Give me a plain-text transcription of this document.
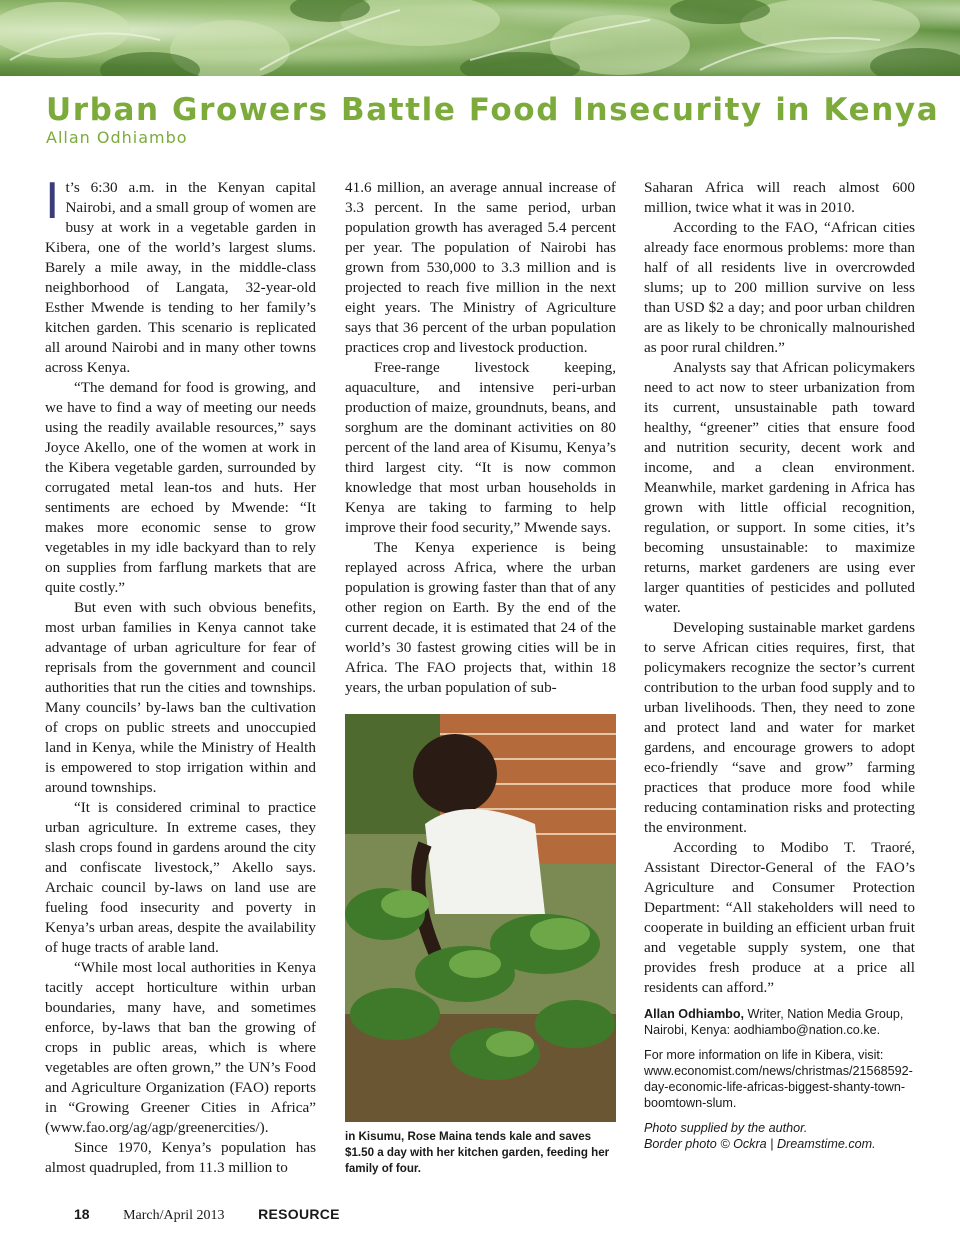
Urban Growers Battle Food Insecurity in Kenya
Allan Odhiambo

It’s 6:30 a.m. in the Kenyan capital Nairobi, and a small group of women are busy at work in a vegetable garden in Kibera, one of the world’s largest slums. Barely a mile away, in the middle-class neighborhood of Langata, 32-year-old Esther Mwende is tending to her family’s kitchen garden. This scenario is replicated all around Nairobi and in many other towns across Kenya.

“The demand for food is growing, and we have to find a way of meeting our needs using the readily available resources,” says Joyce Akello, one of the women at work in the Kibera vegetable garden, surrounded by corrugated metal lean-tos and huts. Her sentiments are echoed by Mwende: “It makes more economic sense to grow vegetables in my idle backyard than to rely on supplies from farflung markets that are quite costly.”

But even with such obvious benefits, most urban families in Kenya cannot take advantage of urban agriculture for fear of reprisals from the government and council authorities that run the cities and townships. Many councils’ by-laws ban the cultivation of crops on public streets and unoccupied land in Kenya, while the Ministry of Health is empowered to stop irrigation within and around townships.

“It is considered criminal to practice urban agriculture. In extreme cases, they slash crops found in gardens around the city and confiscate livestock,” Akello says. Archaic council by-laws on land use are fueling food insecurity and poverty in Kenya’s urban areas, despite the availability of huge tracts of arable land.

“While most local authorities in Kenya tacitly accept horticulture within urban boundaries, many have, and sometimes enforce, by-laws that ban the growing of crops in public areas, which is where vegetables are often grown,” the UN’s Food and Agriculture Organization (FAO) reports in “Growing Greener Cities in Africa” (www.fao.org/ag/agp/greenercities/).

Since 1970, Kenya’s population has almost quadrupled, from 11.3 million to

41.6 million, an average annual increase of 3.3 percent. In the same period, urban population growth has averaged 5.4 percent per year. The population of Nairobi has grown from 530,000 to 3.3 million and is projected to reach five million in the next eight years. The Ministry of Agriculture says that 36 percent of the urban population practices crop and livestock production.

Free-range livestock keeping, aquaculture, and intensive peri-urban production of maize, groundnuts, beans, and sorghum are the dominant activities on 80 percent of the land area of Kisumu, Kenya’s third largest city. “It is now common knowledge that most urban households in Kenya are taking to farming to help improve their food security,” Mwende says.

The Kenya experience is being replayed across Africa, where the urban population is growing faster than that of any other region on Earth. By the end of the current decade, it is estimated that 24 of the world’s 30 fastest growing cities will be in Africa. The FAO projects that, within 18 years, the urban population of sub-

in Kisumu, Rose Maina tends kale and saves $1.50 a day with her kitchen garden, feeding her family of four.

Saharan Africa will reach almost 600 million, twice what it was in 2010.

According to the FAO, “African cities already face enormous problems: more than half of all residents live in overcrowded slums; up to 200 million survive on less than USD $2 a day; and poor urban children are as likely to be chronically malnourished as poor rural children.”

Analysts say that African policymakers need to act now to steer urbanization from its current, unsustainable path toward healthy, “greener” cities that ensure food and nutrition security, decent work and income, and a clean environment. Meanwhile, market gardening in Africa has grown with little official recognition, regulation, or support. In some cities, it’s becoming unsustainable: to maximize returns, market gardeners are using ever larger quantities of pesticides and polluted water.

Developing sustainable market gardens to serve African cities requires, first, that policymakers recognize the sector’s current contribution to the urban food supply and to urban livelihoods. Then, they need to zone and protect land and water for market gardens, and encourage growers to adopt eco-friendly “save and grow” farming practices that produce more food while reducing contamination risks and protecting the environment.

According to Modibo T. Traoré, Assistant Director-General of the FAO’s Agriculture and Consumer Protection Department: “All stakeholders will need to cooperate in building an efficient urban fruit and vegetable supply system, one that provides fresh produce at a price all residents can afford.”

Allan Odhiambo, Writer, Nation Media Group, Nairobi, Kenya: aodhiambo@nation.co.ke.

For more information on life in Kibera, visit: www.economist.com/news/christmas/21568592-day-economic-life-africas-biggest-shanty-town-boomtown-slum.

Photo supplied by the author.

Border photo © Ockra | Dreamstime.com.

18 March/April 2013 RESOURCE
